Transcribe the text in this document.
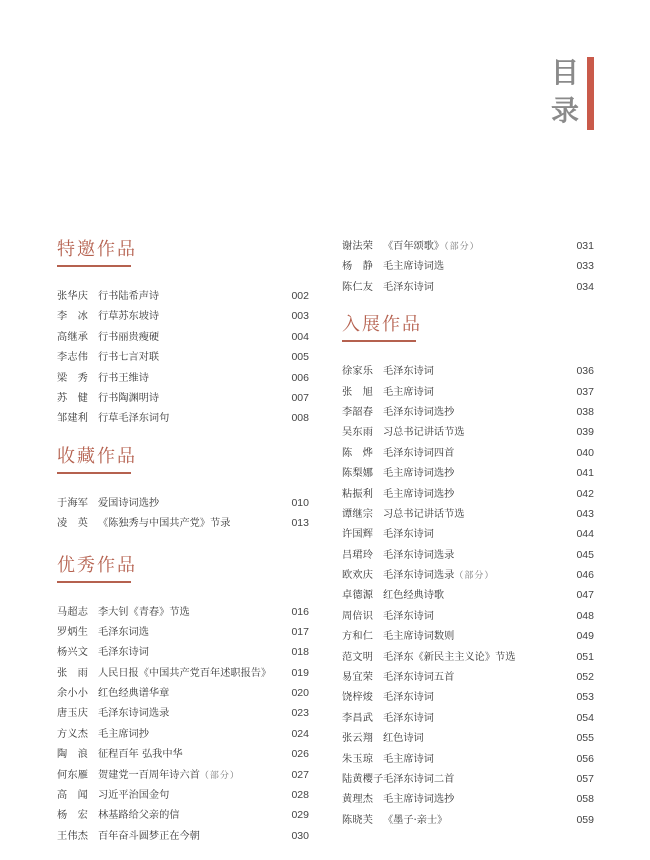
目
录
特邀作品
张华庆 行书陆希声诗	002
李冰 行草苏东坡诗	003
高继承 行书丽贵瘦硬	004
李志伟 行书七言对联	005
梁秀 行书王维诗	006
苏健 行书陶渊明诗	007
邹建利 行草毛泽东词句	008
收藏作品
于海军 爱国诗词选抄	010
凌英 《陈独秀与中国共产党》节录	013
优秀作品
马超志 李大钊《青春》节选	016
罗炳生 毛泽东词选	017
杨兴文 毛泽东诗词	018
张雨 人民日报《中国共产党百年述职报告》	019
余小小 红色经典谱华章	020
唐玉庆 毛泽东诗词选录	023
方义杰 毛主席词抄	024
陶浪 征程百年 弘我中华	026
何东雁 贺建党一百周年诗六首（部分）	027
高闻 习近平治国金句	028
杨宏 林基路给父亲的信	029
王伟杰 百年奋斗圆梦正在今朝	030
谢法荣 《百年颂歌》（部分）	031
杨静 毛主席诗词选	033
陈仁友 毛泽东诗词	034
入展作品
徐家乐 毛泽东诗词	036
张旭 毛主席诗词	037
李韶春 毛泽东诗词选抄	038
吴东雨 习总书记讲话节选	039
陈烨 毛泽东诗词四首	040
陈梨娜 毛主席诗词选抄	041
粘振利 毛主席诗词选抄	042
谭继宗 习总书记讲话节选	043
许国辉 毛泽东诗词	044
吕珺玲 毛泽东诗词选录	045
欧欢庆 毛泽东诗词选录（部分）	046
卓德源 红色经典诗歌	047
周倍识 毛泽东诗词	048
方和仁 毛主席诗词数则	049
范文明 毛泽东《新民主主义论》节选	051
易宜荣 毛泽东诗词五首	052
饶梓焌 毛泽东诗词	053
李昌武 毛泽东诗词	054
张云翔 红色诗词	055
朱玉琼 毛主席诗词	056
陆黄樱子 毛泽东诗词二首	057
黄理杰 毛主席诗词选抄	058
陈晓芙 《墨子·亲士》	059
